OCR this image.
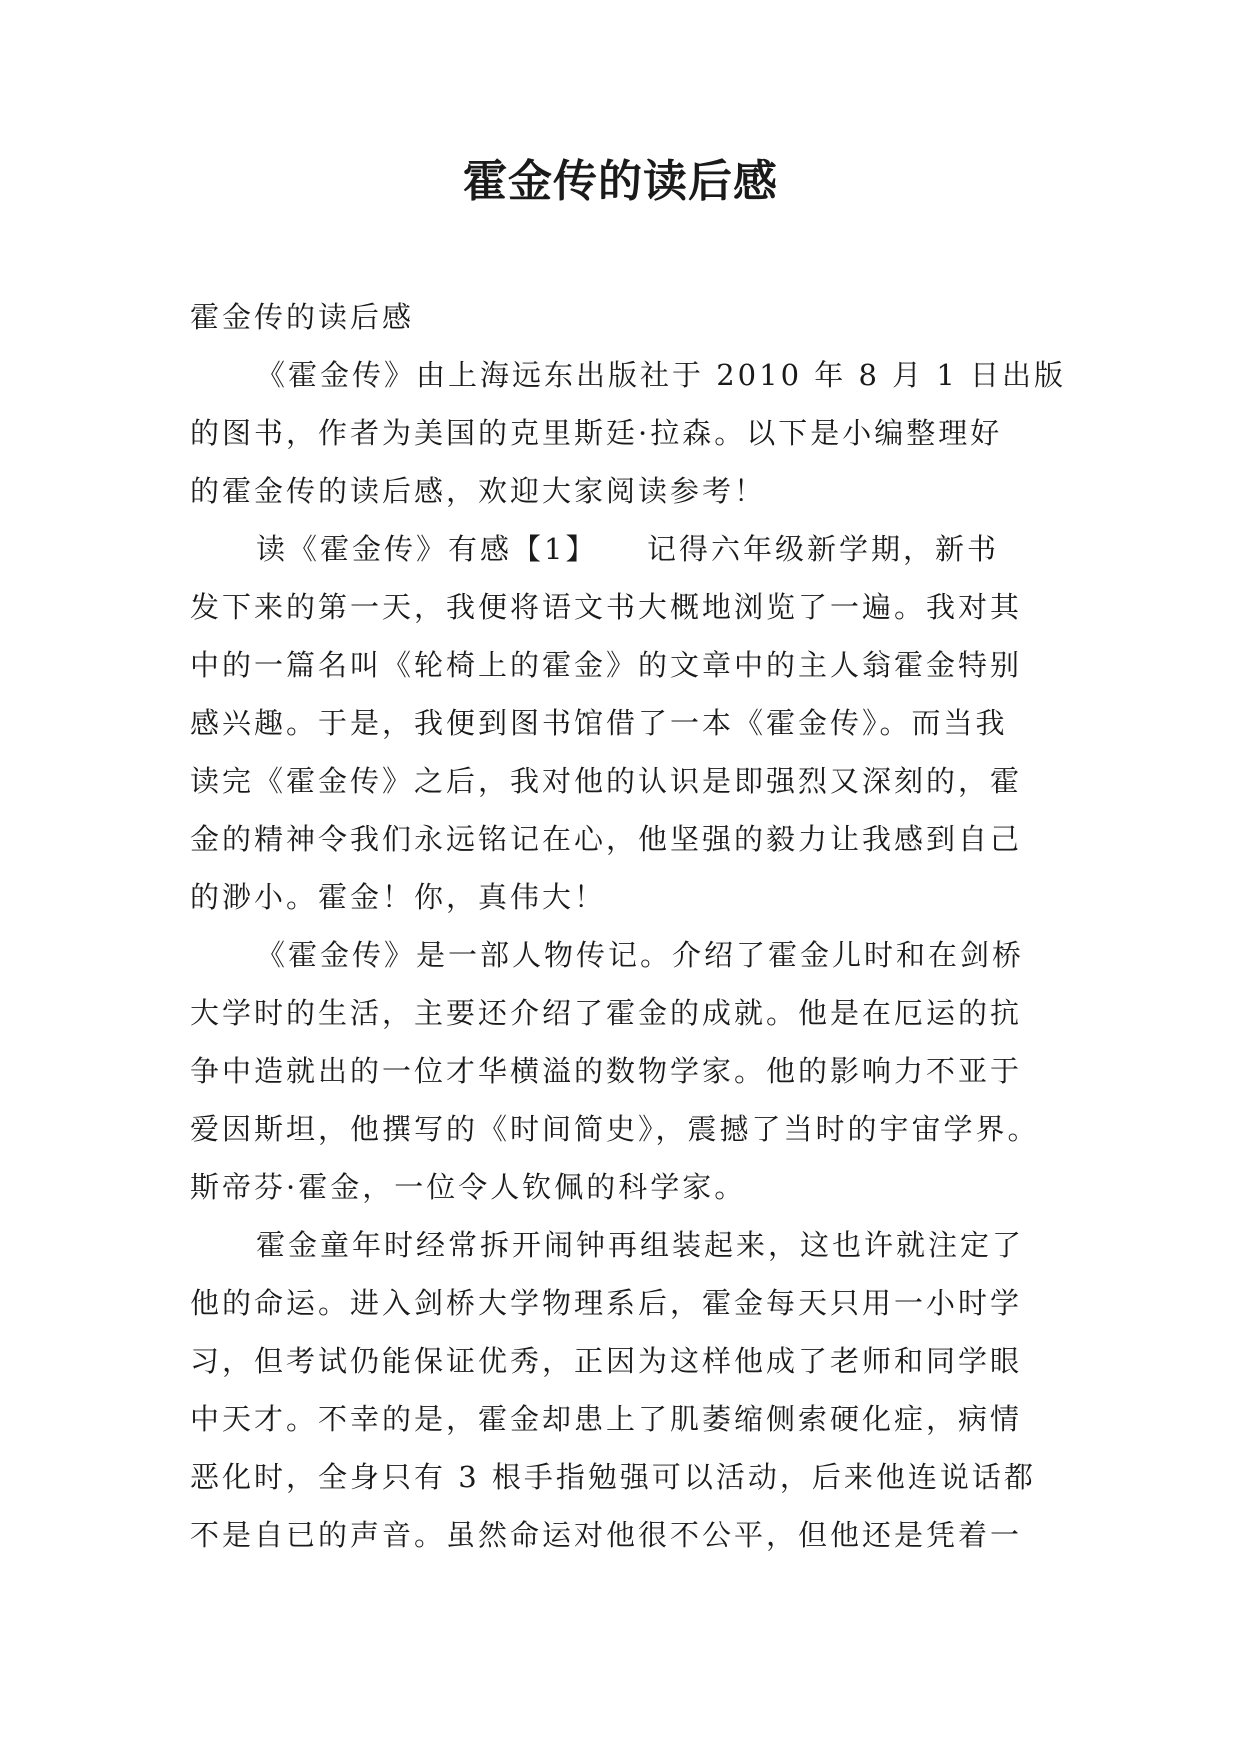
霍金传的读后感
霍金传的读后感
《霍金传》由上海远东出版社于 2010 年 8 月 1 日出版
的图书，作者为美国的克里斯廷·拉森。以下是小编整理好
的霍金传的读后感，欢迎大家阅读参考！
读《霍金传》有感【1】　　记得六年级新学期，新书
发下来的第一天，我便将语文书大概地浏览了一遍。我对其
中的一篇名叫《轮椅上的霍金》的文章中的主人翁霍金特别
感兴趣。于是，我便到图书馆借了一本《霍金传》。而当我
读完《霍金传》之后，我对他的认识是即强烈又深刻的，霍
金的精神令我们永远铭记在心，他坚强的毅力让我感到自己
的渺小。霍金！你，真伟大！
《霍金传》是一部人物传记。介绍了霍金儿时和在剑桥
大学时的生活，主要还介绍了霍金的成就。他是在厄运的抗
争中造就出的一位才华横溢的数物学家。他的影响力不亚于
爱因斯坦，他撰写的《时间简史》，震撼了当时的宇宙学界。
斯帝芬·霍金，一位令人钦佩的科学家。
霍金童年时经常拆开闹钟再组装起来，这也许就注定了
他的命运。进入剑桥大学物理系后，霍金每天只用一小时学
习，但考试仍能保证优秀，正因为这样他成了老师和同学眼
中天才。不幸的是，霍金却患上了肌萎缩侧索硬化症，病情
恶化时，全身只有 3 根手指勉强可以活动，后来他连说话都
不是自已的声音。虽然命运对他很不公平，但他还是凭着一
